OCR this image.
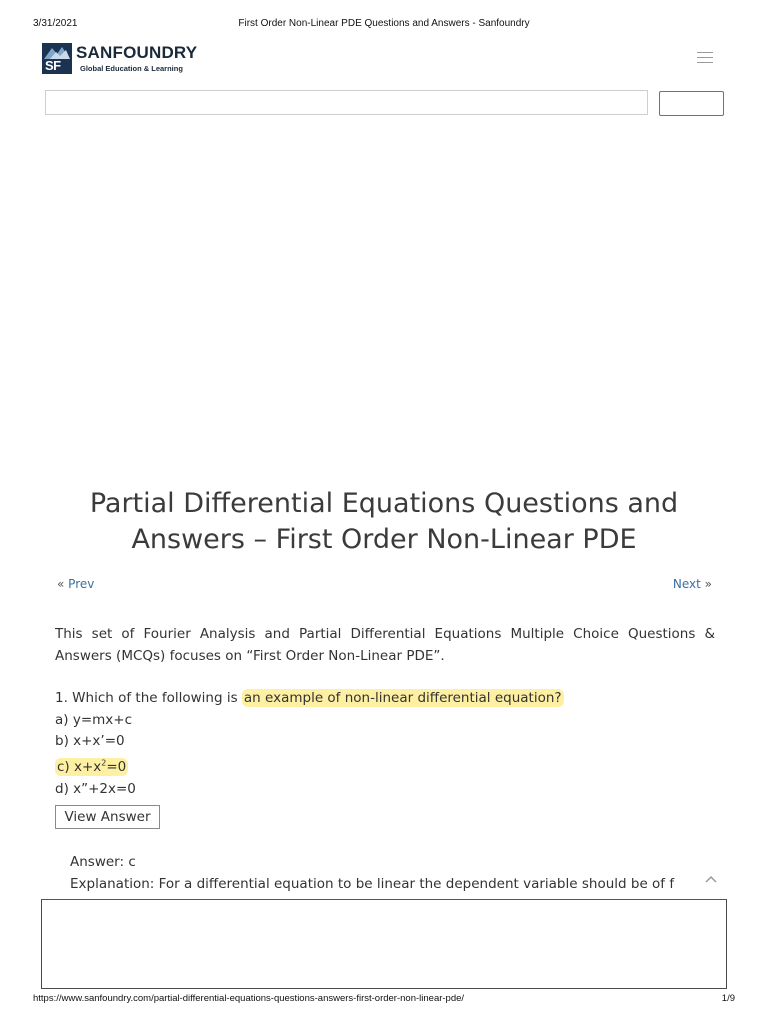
3/31/2021	First Order Non-Linear PDE Questions and Answers - Sanfoundry
SF
SANFOUNDRY
Global Education & Learning
Partial Differential Equations Questions and Answers – First Order Non-Linear PDE
« Prev	Next »

This set of Fourier Analysis and Partial Differential Equations Multiple Choice Questions & Answers (MCQs) focuses on “First Order Non-Linear PDE”.

1. Which of the following is an example of non-linear differential equation?
a) y=mx+c
b) x+x’=0
c) $x+x^2=0$
d) x”+2x=0
View Answer
Answer: c
Explanation: For a differential equation to be linear the dependent variable should be of f
https://www.sanfoundry.com/partial-differential-equations-questions-answers-first-order-non-linear-pde/	1/9
